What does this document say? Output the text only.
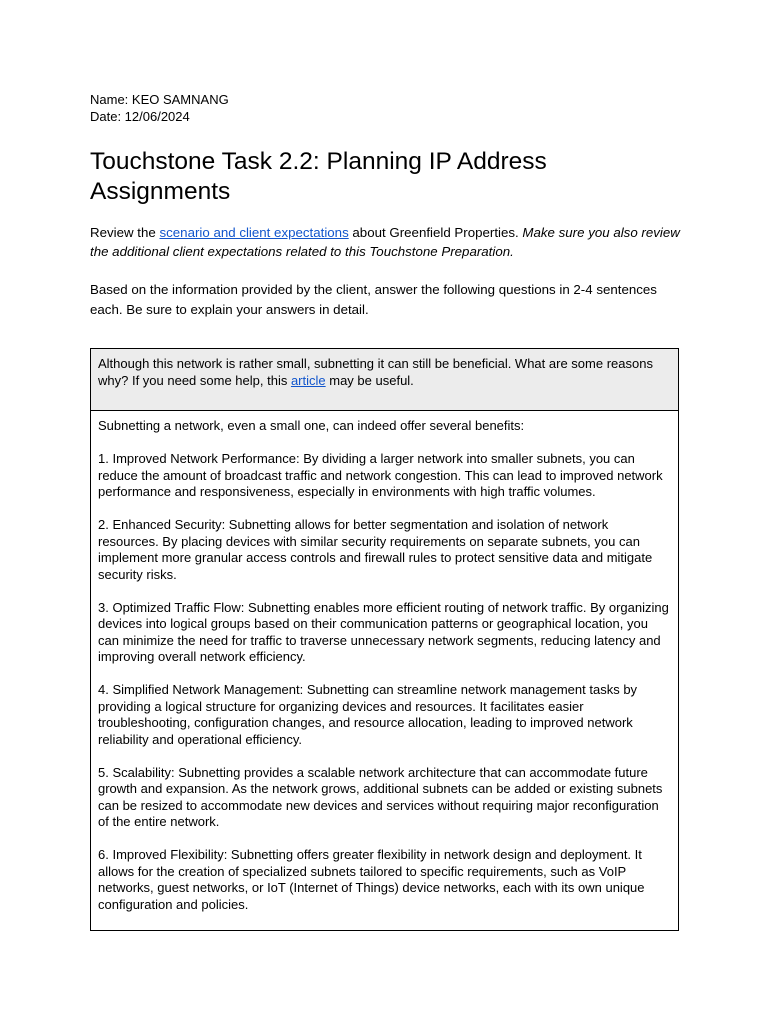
Name: KEO SAMNANG
Date: 12/06/2024
Touchstone Task 2.2: Planning IP Address Assignments

Review the scenario and client expectations about Greenfield Properties. Make sure you also review the additional client expectations related to this Touchstone Preparation.

Based on the information provided by the client, answer the following questions in 2-4 sentences each. Be sure to explain your answers in detail.

Although this network is rather small, subnetting it can still be beneficial. What are some reasons why? If you need some help, this article may be useful.

Subnetting a network, even a small one, can indeed offer several benefits:

1. Improved Network Performance: By dividing a larger network into smaller subnets, you can reduce the amount of broadcast traffic and network congestion. This can lead to improved network performance and responsiveness, especially in environments with high traffic volumes.

2. Enhanced Security: Subnetting allows for better segmentation and isolation of network resources. By placing devices with similar security requirements on separate subnets, you can implement more granular access controls and firewall rules to protect sensitive data and mitigate security risks.

3. Optimized Traffic Flow: Subnetting enables more efficient routing of network traffic. By organizing devices into logical groups based on their communication patterns or geographical location, you can minimize the need for traffic to traverse unnecessary network segments, reducing latency and improving overall network efficiency.

4. Simplified Network Management: Subnetting can streamline network management tasks by providing a logical structure for organizing devices and resources. It facilitates easier troubleshooting, configuration changes, and resource allocation, leading to improved network reliability and operational efficiency.

5. Scalability: Subnetting provides a scalable network architecture that can accommodate future growth and expansion. As the network grows, additional subnets can be added or existing subnets can be resized to accommodate new devices and services without requiring major reconfiguration of the entire network.

6. Improved Flexibility: Subnetting offers greater flexibility in network design and deployment. It allows for the creation of specialized subnets tailored to specific requirements, such as VoIP networks, guest networks, or IoT (Internet of Things) device networks, each with its own unique configuration and policies.
